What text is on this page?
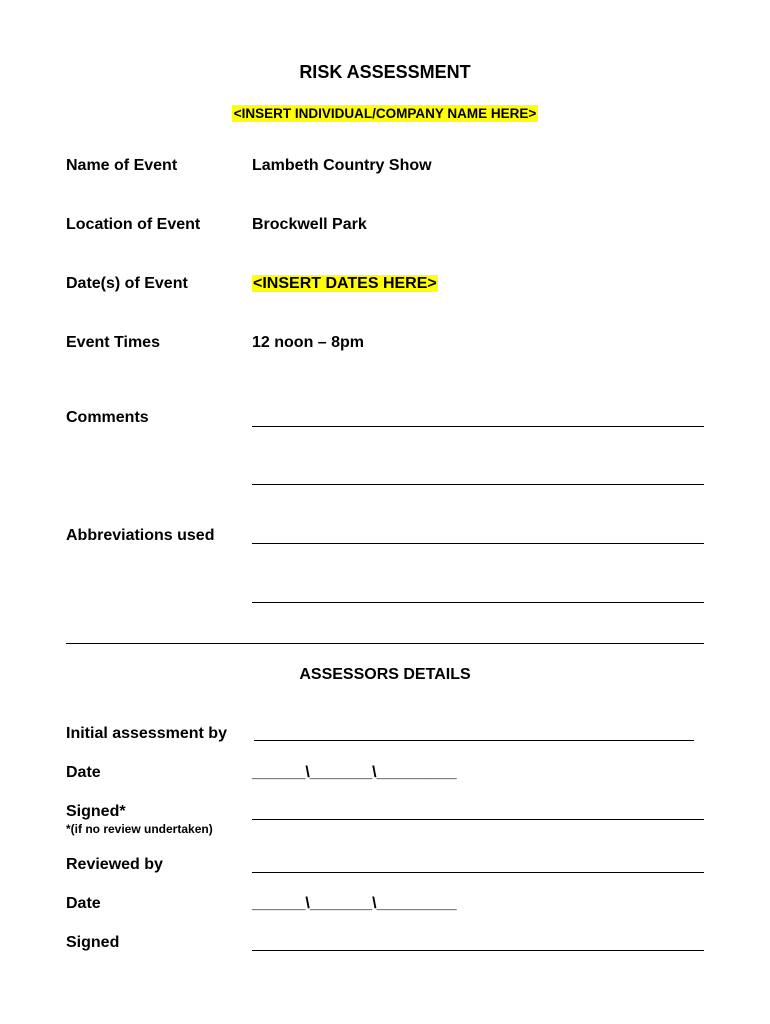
RISK ASSESSMENT
<INSERT INDIVIDUAL/COMPANY NAME HERE>
Name of Event	Lambeth Country Show
Location of Event	Brockwell Park
Date(s) of Event	<INSERT DATES HERE>
Event Times	12 noon – 8pm
Comments
Abbreviations used
ASSESSORS DETAILS
Initial assessment by
Date	______\_______\_________
Signed*
*(if no review undertaken)
Reviewed by
Date	______\_______\_________
Signed
